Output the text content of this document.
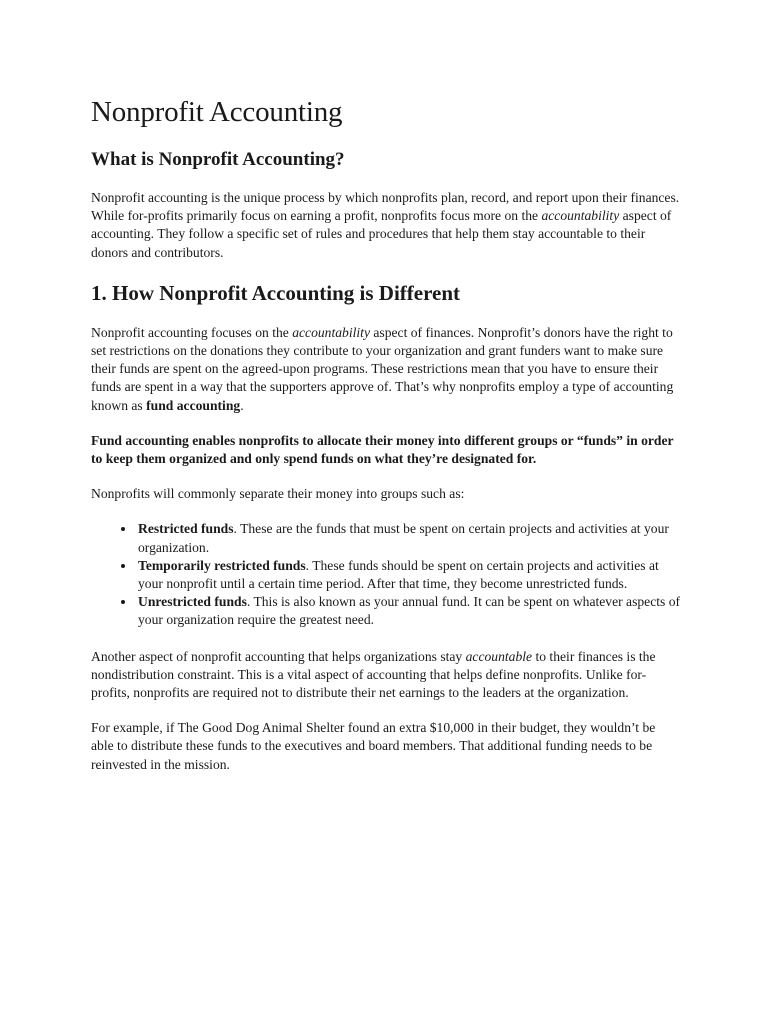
Nonprofit Accounting
What is Nonprofit Accounting?

Nonprofit accounting is the unique process by which nonprofits plan, record, and report upon their finances. While for-profits primarily focus on earning a profit, nonprofits focus more on the accountability aspect of accounting. They follow a specific set of rules and procedures that help them stay accountable to their donors and contributors.

1. How Nonprofit Accounting is Different

Nonprofit accounting focuses on the accountability aspect of finances. Nonprofit’s donors have the right to set restrictions on the donations they contribute to your organization and grant funders want to make sure their funds are spent on the agreed-upon programs. These restrictions mean that you have to ensure their funds are spent in a way that the supporters approve of. That’s why nonprofits employ a type of accounting known as fund accounting.

Fund accounting enables nonprofits to allocate their money into different groups or “funds” in order to keep them organized and only spend funds on what they’re designated for.

Nonprofits will commonly separate their money into groups such as:

• Restricted funds. These are the funds that must be spent on certain projects and activities at your organization.
• Temporarily restricted funds. These funds should be spent on certain projects and activities at your nonprofit until a certain time period. After that time, they become unrestricted funds.
• Unrestricted funds. This is also known as your annual fund. It can be spent on whatever aspects of your organization require the greatest need.

Another aspect of nonprofit accounting that helps organizations stay accountable to their finances is the nondistribution constraint. This is a vital aspect of accounting that helps define nonprofits. Unlike for-profits, nonprofits are required not to distribute their net earnings to the leaders at the organization.

For example, if The Good Dog Animal Shelter found an extra $10,000 in their budget, they wouldn’t be able to distribute these funds to the executives and board members. That additional funding needs to be reinvested in the mission.
